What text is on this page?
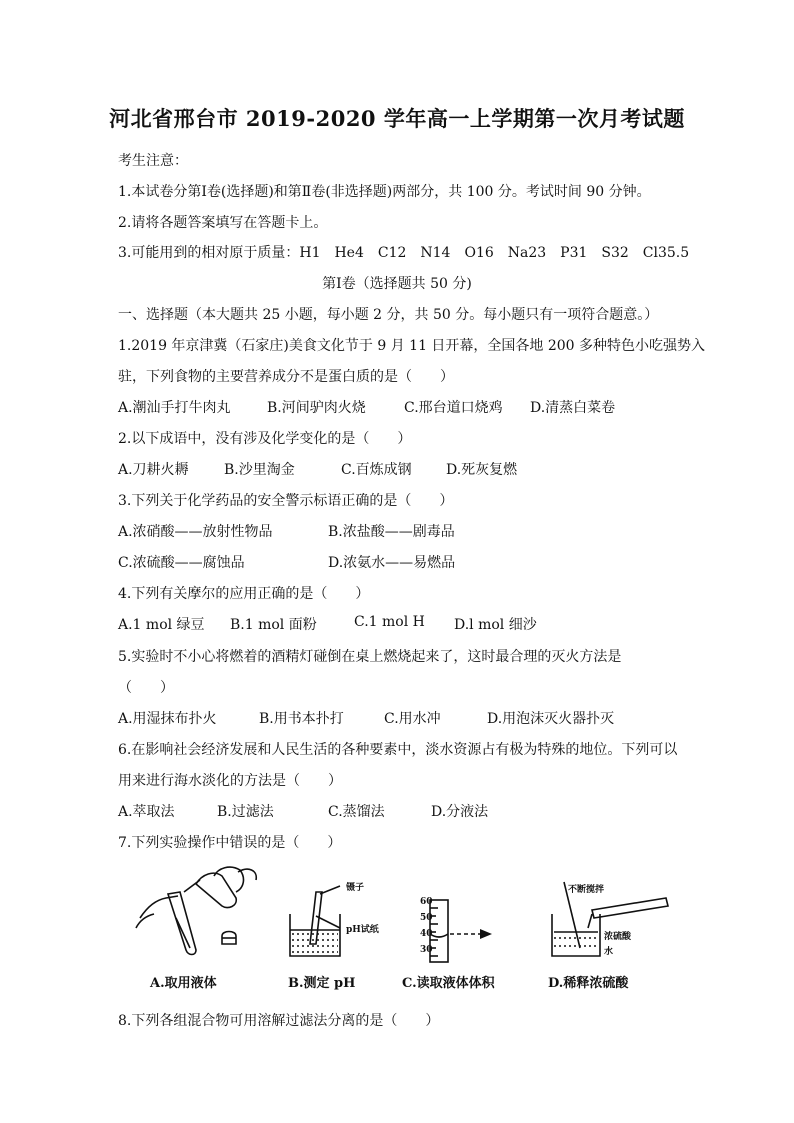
河北省邢台市 2019-2020 学年高一上学期第一次月考试题
考生注意：
1.本试卷分第Ⅰ卷(选择题)和第Ⅱ卷(非选择题)两部分，共 100 分。考试时间 90 分钟。
2.请将各题答案填写在答题卡上。
3.可能用到的相对原于质量：H1　He4　C12　N14　O16　Na23　P31　S32　Cl35.5
第Ⅰ卷（选择题共 50 分)
一、选择题（本大题共 25 小题，每小题 2 分，共 50 分。每小题只有一项符合题意。）
1.2019 年京津冀（石家庄)美食文化节于 9 月 11 日开幕，全国各地 200 多种特色小吃强势入
驻，下列食物的主要营养成分不是蛋白质的是（　　）
A.潮汕手打牛肉丸	B.河间驴肉火烧	C.邢台道口烧鸡 D.清蒸白菜卷
2.以下成语中，没有涉及化学变化的是（　　）
A.刀耕火耨	B.沙里淘金	C.百炼成钢 D.死灰复燃
3.下列关于化学药品的安全警示标语正确的是（　　）
A.浓硝酸——放射性物品	B.浓盐酸——剧毒品
C.浓硫酸——腐蚀品	D.浓氨水——易燃品
4.下列有关摩尔的应用正确的是（　　）
A.1 mol 绿豆 B.1 mol 面粉	C.1 mol H D.l mol 细沙
5.实验时不小心将燃着的酒精灯碰倒在桌上燃烧起来了，这时最合理的灭火方法是
（　　）
A.用湿抹布扑火	B.用书本扑打	C.用水冲	D.用泡沫灭火器扑灭
6.在影响社会经济发展和人民生活的各种要素中，淡水资源占有极为特殊的地位。下列可以
用来进行海水淡化的方法是（　　）
A.萃取法	B.过滤法	C.蒸馏法	D.分液法
7.下列实验操作中错误的是（　　）
60
50
40
30
镊子
pH试纸
不断搅拌
浓硫酸
水
A.取用液体	B.测定 pH	C.读取液体体积	D.稀释浓硫酸
8.下列各组混合物可用溶解过滤法分离的是（　　）
